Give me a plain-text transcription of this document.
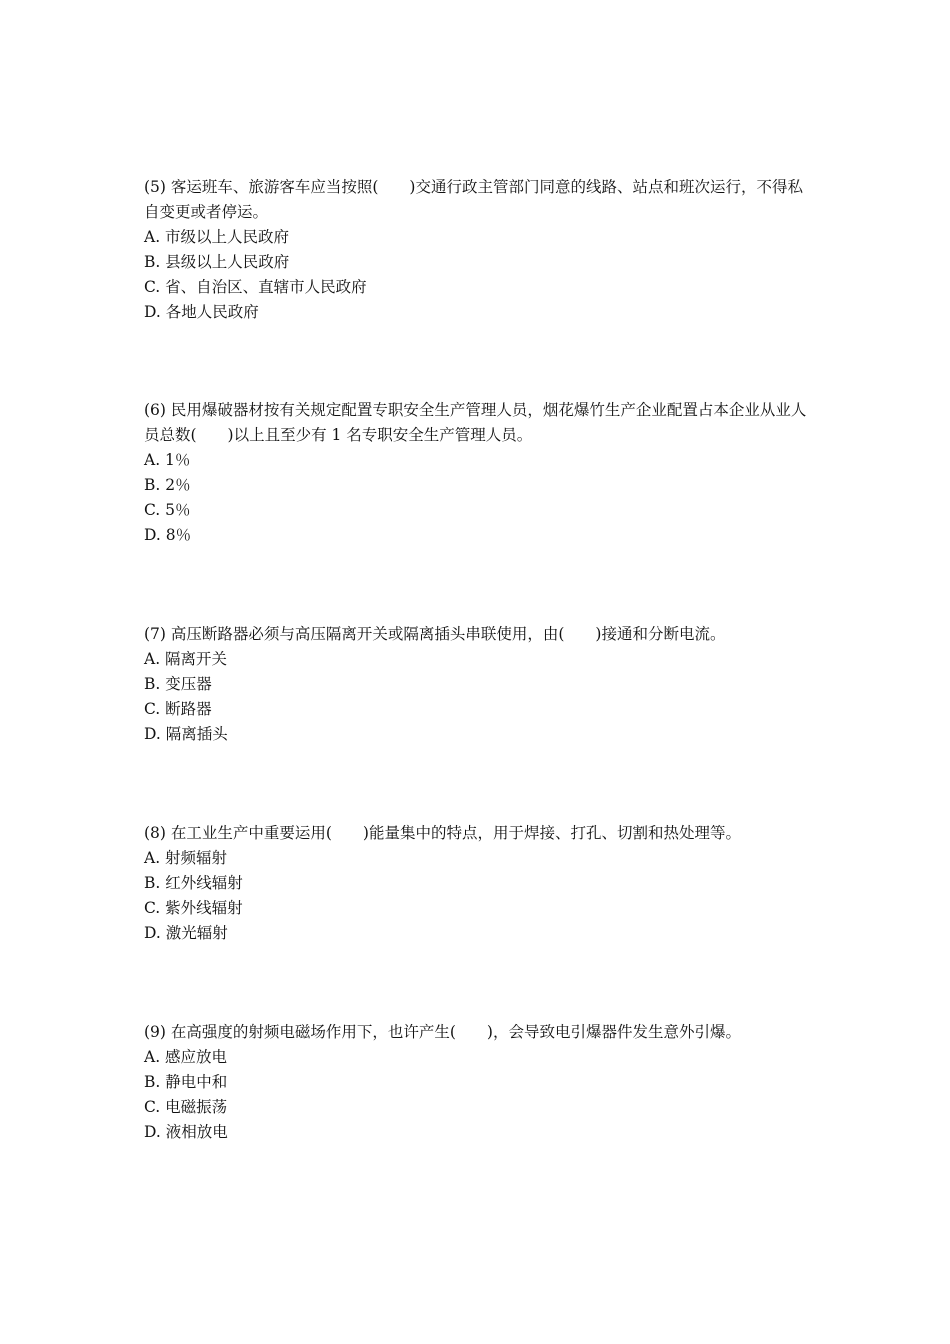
(5) 客运班车、旅游客车应当按照(　　)交通行政主管部门同意的线路、站点和班次运行，不得私自变更或者停运。

A. 市级以上人民政府

B. 县级以上人民政府

C. 省、自治区、直辖市人民政府

D. 各地人民政府

(6) 民用爆破器材按有关规定配置专职安全生产管理人员，烟花爆竹生产企业配置占本企业从业人员总数(　　)以上且至少有 1 名专职安全生产管理人员。

A. 1％

B. 2％

C. 5％

D. 8％

(7) 高压断路器必须与高压隔离开关或隔离插头串联使用，由(　　)接通和分断电流。

A. 隔离开关

B. 变压器

C. 断路器

D. 隔离插头

(8) 在工业生产中重要运用(　　)能量集中的特点，用于焊接、打孔、切割和热处理等。

A. 射频辐射

B. 红外线辐射

C. 紫外线辐射

D. 激光辐射

(9) 在高强度的射频电磁场作用下，也许产生(　　)，会导致电引爆器件发生意外引爆。

A. 感应放电

B. 静电中和

C. 电磁振荡

D. 液相放电
